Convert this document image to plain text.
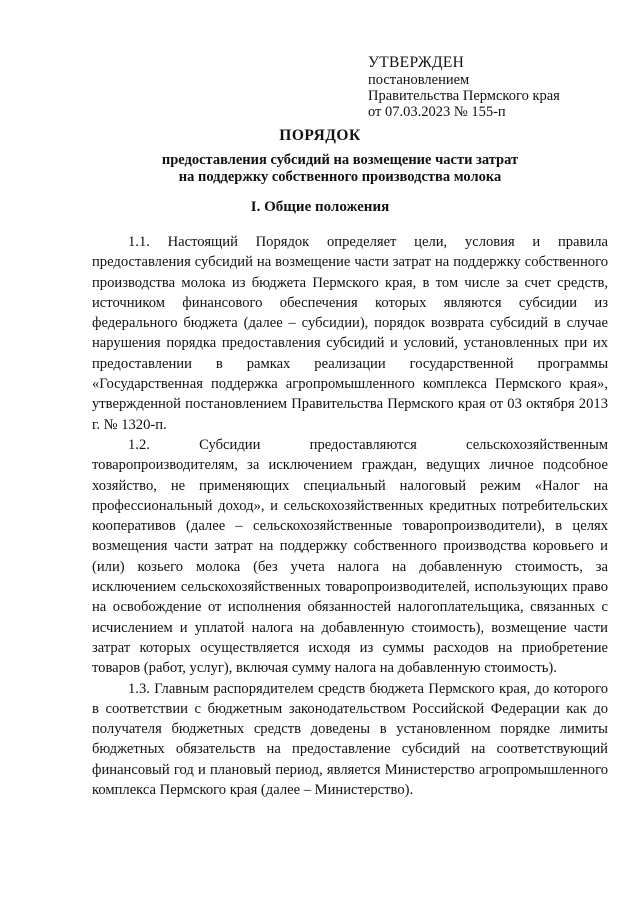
УТВЕРЖДЕН
постановлением
Правительства Пермского края
от 07.03.2023 № 155-п
ПОРЯДОК
предоставления субсидий на возмещение части затрат
на поддержку собственного производства молока
I. Общие положения

1.1. Настоящий Порядок определяет цели, условия и правила предоставления субсидий на возмещение части затрат на поддержку собственного производства молока из бюджета Пермского края, в том числе за счет средств, источником финансового обеспечения которых являются субсидии из федерального бюджета (далее – субсидии), порядок возврата субсидий в случае нарушения порядка предоставления субсидий и условий, установленных при их предоставлении в рамках реализации государственной программы «Государственная поддержка агропромышленного комплекса Пермского края», утвержденной постановлением Правительства Пермского края от 03 октября 2013 г. № 1320-п.

1.2. Субсидии предоставляются сельскохозяйственным товаропроизводителям, за исключением граждан, ведущих личное подсобное хозяйство, не применяющих специальный налоговый режим «Налог на профессиональный доход», и сельскохозяйственных кредитных потребительских кооперативов (далее – сельскохозяйственные товаропроизводители), в целях возмещения части затрат на поддержку собственного производства коровьего и (или) козьего молока (без учета налога на добавленную стоимость, за исключением сельскохозяйственных товаропроизводителей, использующих право на освобождение от исполнения обязанностей налогоплательщика, связанных с исчислением и уплатой налога на добавленную стоимость), возмещение части затрат которых осуществляется исходя из суммы расходов на приобретение товаров (работ, услуг), включая сумму налога на добавленную стоимость).

1.3. Главным распорядителем средств бюджета Пермского края, до которого в соответствии с бюджетным законодательством Российской Федерации как до получателя бюджетных средств доведены в установленном порядке лимиты бюджетных обязательств на предоставление субсидий на соответствующий финансовый год и плановый период, является Министерство агропромышленного комплекса Пермского края (далее – Министерство).
